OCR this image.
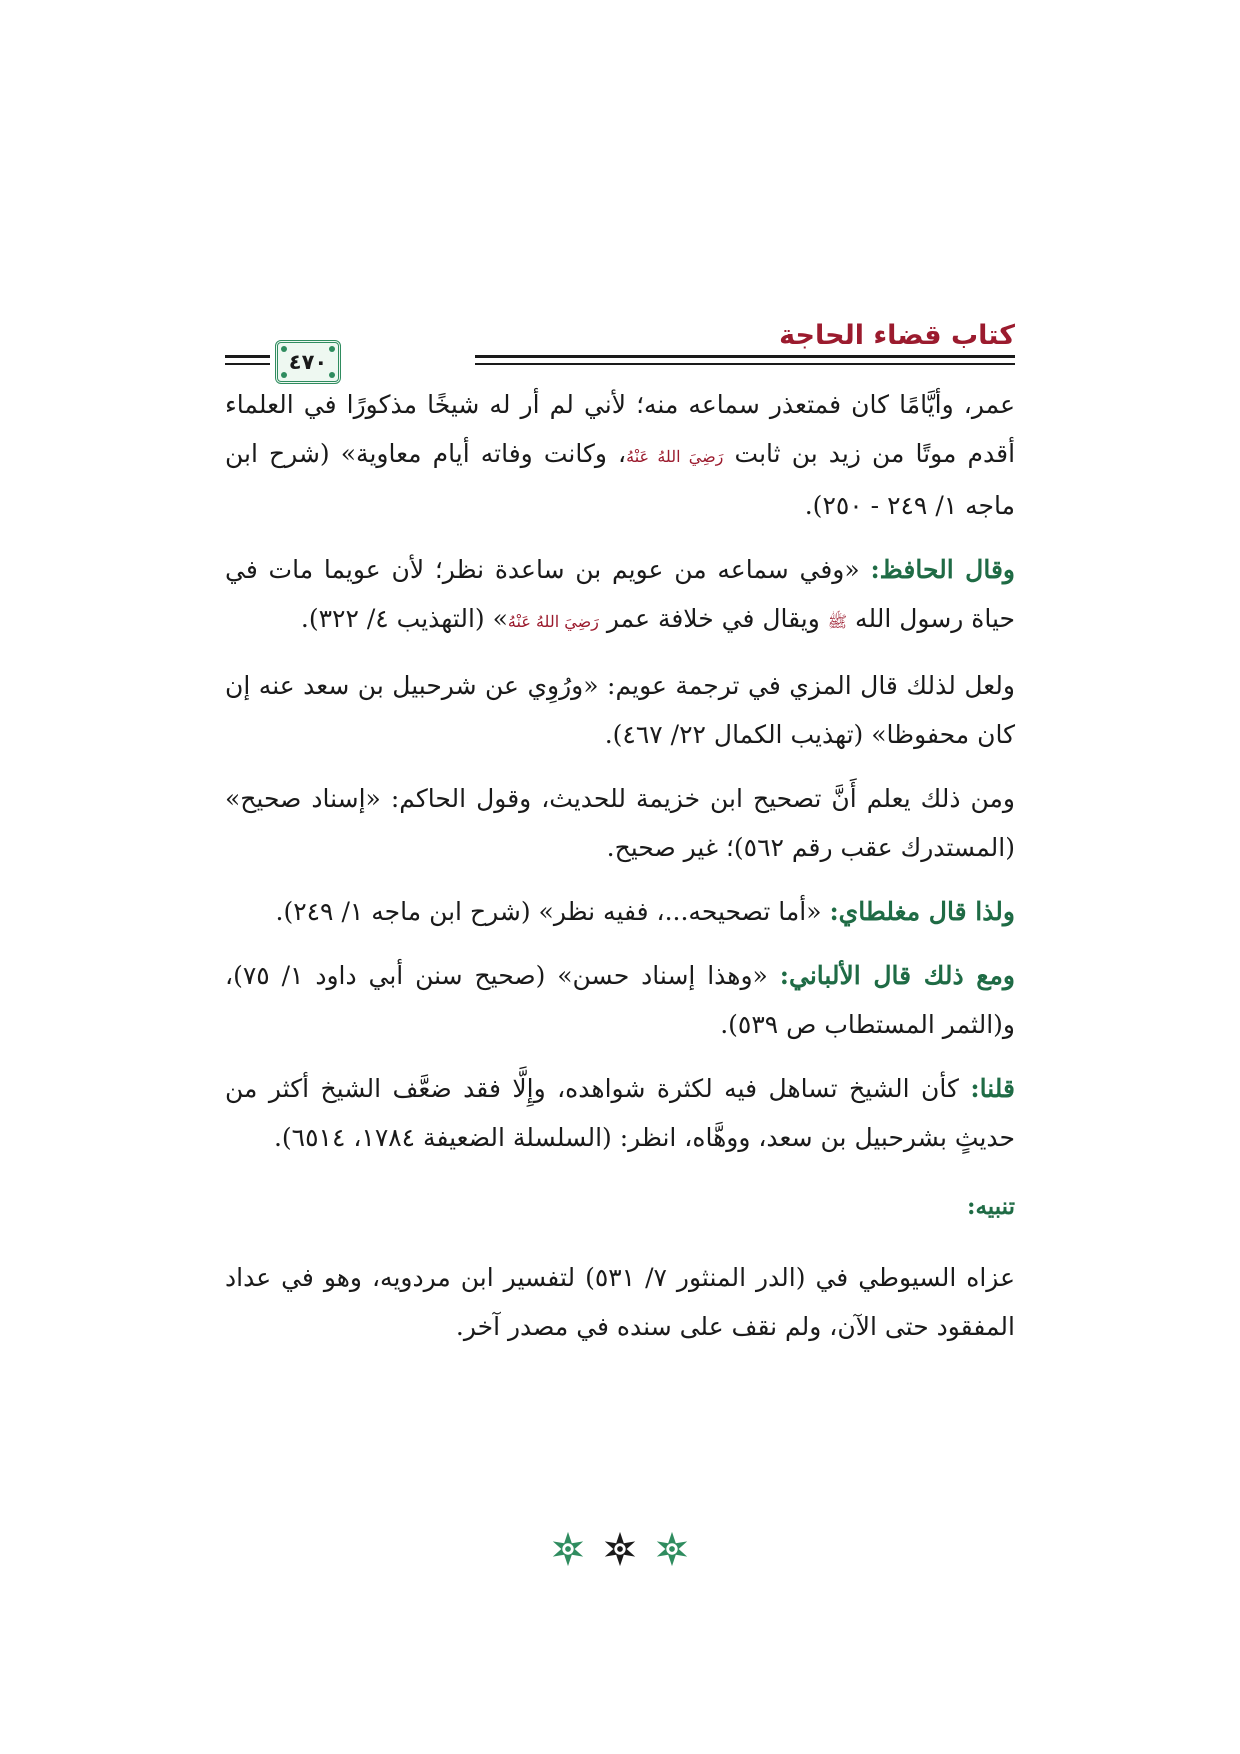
كتاب قضاء الحاجة
٤٧٠

عمر، وأيَّامًا كان فمتعذر سماعه منه؛ لأني لم أر له شيخًا مذكورًا في العلماء أقدم موتًا من زيد بن ثابت رَضِيَ اللهُ عَنْهُ، وكانت وفاته أيام معاوية» (شرح ابن ماجه ١/ ٢٤٩ - ٢٥٠).

وقال الحافظ: «وفي سماعه من عويم بن ساعدة نظر؛ لأن عويما مات في حياة رسول الله ﷺ ويقال في خلافة عمر رَضِيَ اللهُ عَنْهُ» (التهذيب ٤/ ٣٢٢).

ولعل لذلك قال المزي في ترجمة عويم: «ورُوِي عن شرحبيل بن سعد عنه إن كان محفوظا» (تهذيب الكمال ٢٢/ ٤٦٧).

ومن ذلك يعلم أَنَّ تصحيح ابن خزيمة للحديث، وقول الحاكم: «إسناد صحيح» (المستدرك عقب رقم ٥٦٢)؛ غير صحيح.

ولذا قال مغلطاي: «أما تصحيحه...، ففيه نظر» (شرح ابن ماجه ١/ ٢٤٩).

ومع ذلك قال الألباني: «وهذا إسناد حسن» (صحيح سنن أبي داود ١/ ٧٥)، و(الثمر المستطاب ص ٥٣٩).

قلنا: كأن الشيخ تساهل فيه لكثرة شواهده، وإِلَّا فقد ضعَّف الشيخ أكثر من حديثٍ بشرحبيل بن سعد، ووهَّاه، انظر: (السلسلة الضعيفة ١٧٨٤، ٦٥١٤).

تنبيه:

عزاه السيوطي في (الدر المنثور ٧/ ٥٣١) لتفسير ابن مردويه، وهو في عداد المفقود حتى الآن، ولم نقف على سنده في مصدر آخر.
